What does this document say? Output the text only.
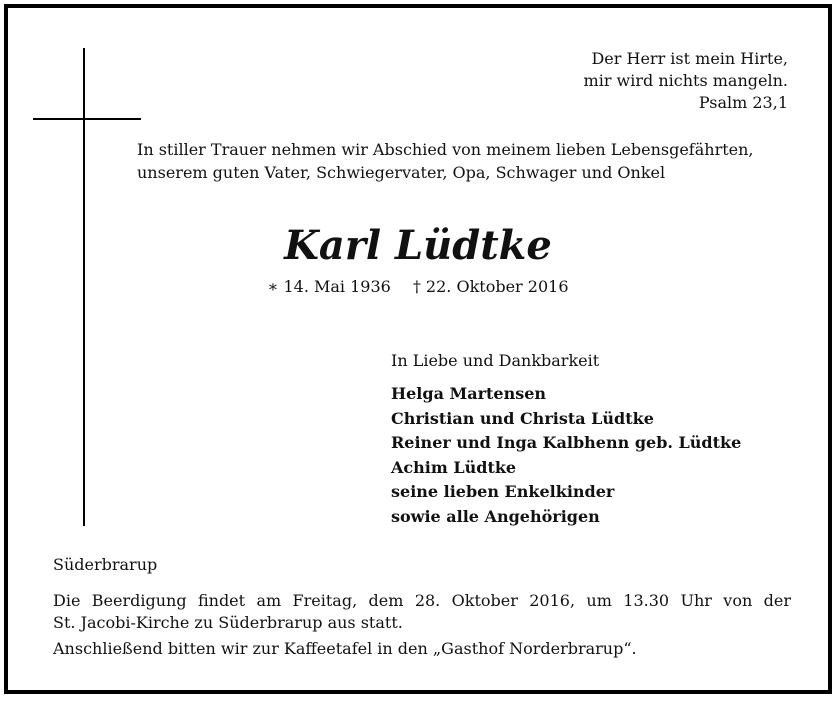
Der Herr ist mein Hirte,
mir wird nichts mangeln.
Psalm 23,1
In stiller Trauer nehmen wir Abschied von meinem lieben Lebensgefährten,
unserem guten Vater, Schwiegervater, Opa, Schwager und Onkel
Karl Lüdtke
∗ 14. Mai 1936 † 22. Oktober 2016
In Liebe und Dankbarkeit
Helga Martensen
Christian und Christa Lüdtke
Reiner und Inga Kalbhenn geb. Lüdtke
Achim Lüdtke
seine lieben Enkelkinder
sowie alle Angehörigen
Süderbrarup
Die Beerdigung findet am Freitag, dem 28. Oktober 2016, um 13.30 Uhr von der
St. Jacobi-Kirche zu Süderbrarup aus statt.
Anschließend bitten wir zur Kaffeetafel in den „Gasthof Norderbrarup“.
